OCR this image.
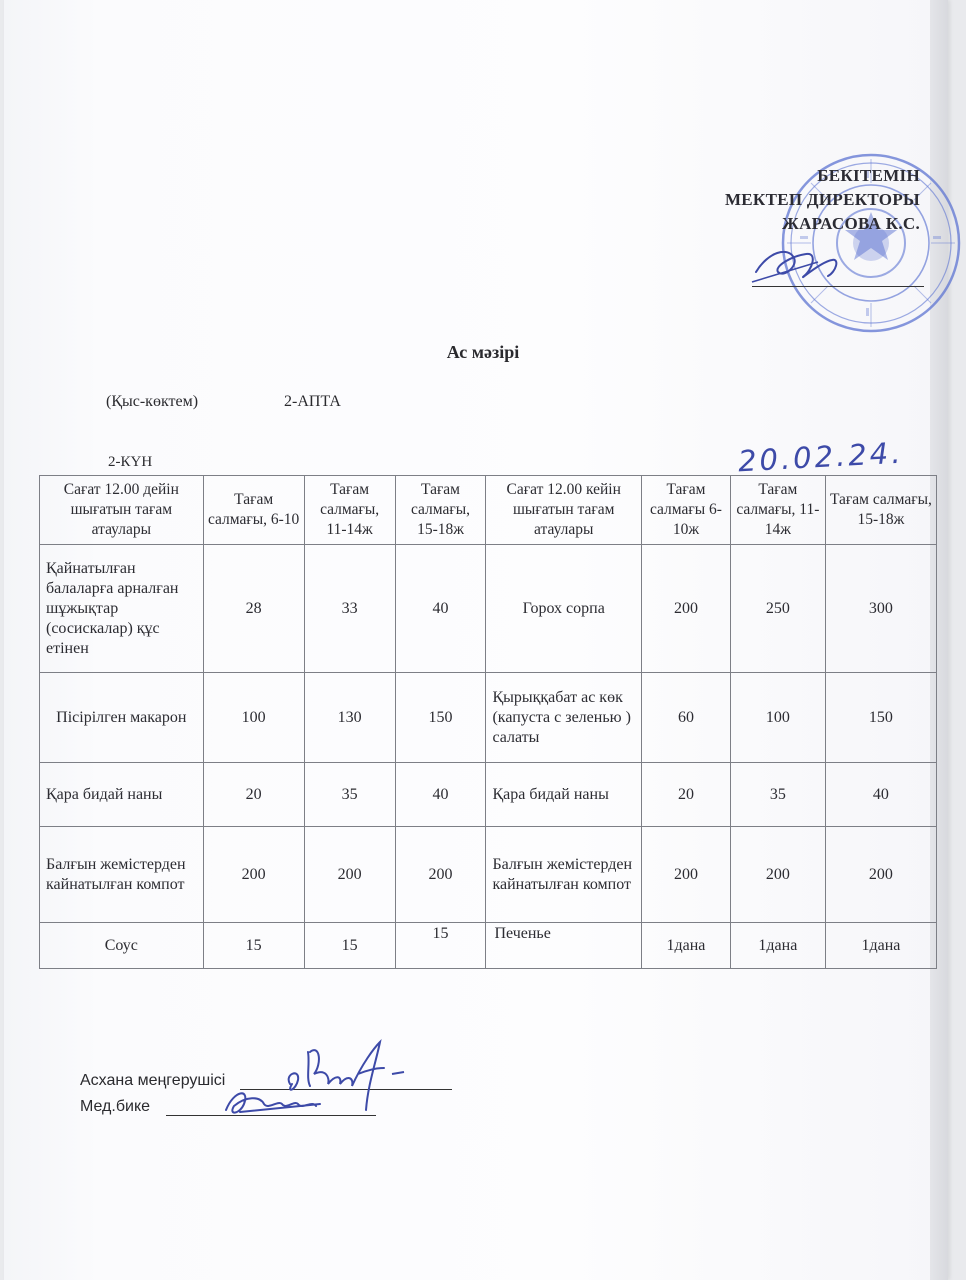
БЕКІТЕМІН
МЕКТЕП ДИРЕКТОРЫ
ЖАРАСОВА К.С.
Ас мәзірі
(Қыс-көктем)	2-АПТА
2-КҮН	20.02.24.
Сағат 12.00 дейін шығатын тағам атаулары	Тағам салмағы, 6-10	Тағам салмағы, 11-14ж	Тағам салмағы, 15-18ж	Сағат 12.00 кейін шығатын тағам атаулары	Тағам салмағы 6-10ж	Тағам салмағы, 11-14ж	Тағам салмағы, 15-18ж
Қайнатылған балаларға арналған шұжықтар (сосискалар) құс етінен	28	33	40	Горох сорпа	200	250	300
Пісірілген макарон	100	130	150	Қырыққабат ас көк (капуста с зеленью ) салаты	60	100	150
Қара бидай наны	20	35	40	Қара бидай наны	20	35	40
Балғын жемістерден кайнатылған компот	200	200	200	Балғын жемістерден кайнатылған компот	200	200	200
Соус	15	15	15	Печенье	1дана	1дана	1дана
Асхана меңгерушісі
Мед.бике
